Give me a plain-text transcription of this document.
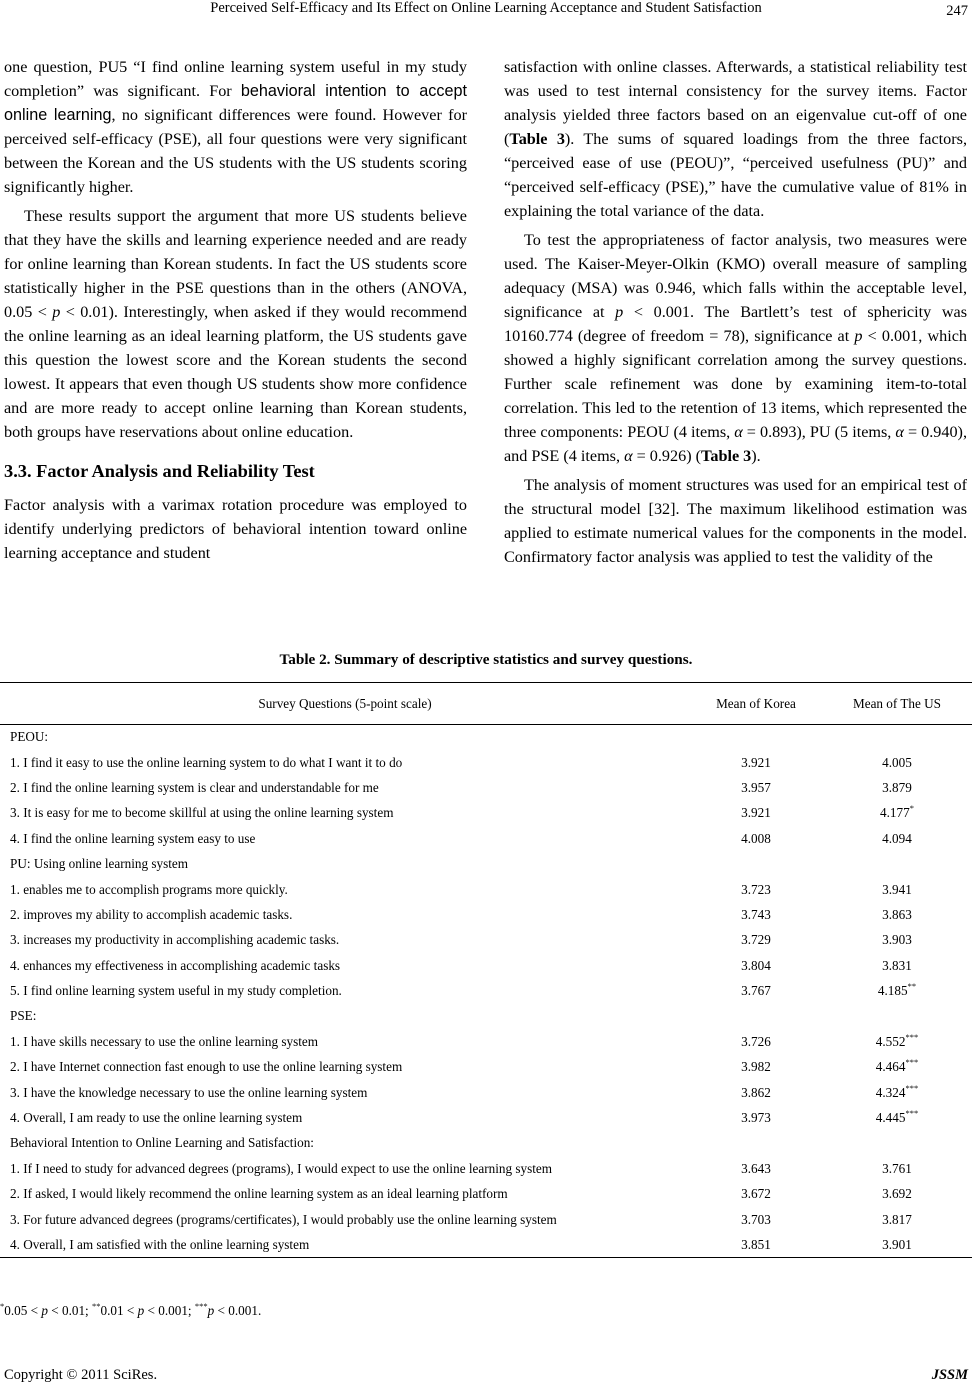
Perceived Self-Efficacy and Its Effect on Online Learning Acceptance and Student Satisfaction	247

one question, PU5 “I find online learning system useful in my study completion” was significant. For behavioral intention to accept online learning, no significant differences were found. However for perceived self-efficacy (PSE), all four questions were very significant between the Korean and the US students with the US students scoring significantly higher.

These results support the argument that more US students believe that they have the skills and learning experience needed and are ready for online learning than Korean students. In fact the US students score statistically higher in the PSE questions than in the others (ANOVA, 0.05 < p < 0.01). Interestingly, when asked if they would recommend the online learning as an ideal learning platform, the US students gave this question the lowest score and the Korean students the second lowest. It appears that even though US students show more confidence and are more ready to accept online learning than Korean students, both groups have reservations about online education.

3.3. Factor Analysis and Reliability Test

Factor analysis with a varimax rotation procedure was employed to identify underlying predictors of behavioral intention toward online learning acceptance and student

satisfaction with online classes. Afterwards, a statistical reliability test was used to test internal consistency for the survey items. Factor analysis yielded three factors based on an eigenvalue cut-off of one (Table 3). The sums of squared loadings from the three factors, “perceived ease of use (PEOU)”, “perceived usefulness (PU)” and “perceived self-efficacy (PSE),” have the cumulative value of 81% in explaining the total variance of the data.

To test the appropriateness of factor analysis, two measures were used. The Kaiser-Meyer-Olkin (KMO) overall measure of sampling adequacy (MSA) was 0.946, which falls within the acceptable level, significance at p < 0.001. The Bartlett’s test of sphericity was 10160.774 (degree of freedom = 78), significance at p < 0.001, which showed a highly significant correlation among the survey questions. Further scale refinement was done by examining item-to-total correlation. This led to the retention of 13 items, which represented the three components: PEOU (4 items, α = 0.893), PU (5 items, α = 0.940), and PSE (4 items, α = 0.926) (Table 3).

The analysis of moment structures was used for an empirical test of the structural model [32]. The maximum likelihood estimation was applied to estimate numerical values for the components in the model. Confirmatory factor analysis was applied to test the validity of the

Table 2. Summary of descriptive statistics and survey questions.
Survey Questions (5-point scale)	Mean of Korea	Mean of The US
PEOU:		
1. I find it easy to use the online learning system to do what I want it to do	3.921	4.005
2. I find the online learning system is clear and understandable for me	3.957	3.879
3. It is easy for me to become skillful at using the online learning system	3.921	4.177*
4. I find the online learning system easy to use	4.008	4.094
PU: Using online learning system		
1. enables me to accomplish programs more quickly.	3.723	3.941
2. improves my ability to accomplish academic tasks.	3.743	3.863
3. increases my productivity in accomplishing academic tasks.	3.729	3.903
4. enhances my effectiveness in accomplishing academic tasks	3.804	3.831
5. I find online learning system useful in my study completion.	3.767	4.185**
PSE:		
1. I have skills necessary to use the online learning system	3.726	4.552***
2. I have Internet connection fast enough to use the online learning system	3.982	4.464***
3. I have the knowledge necessary to use the online learning system	3.862	4.324***
4. Overall, I am ready to use the online learning system	3.973	4.445***
Behavioral Intention to Online Learning and Satisfaction:		
1. If I need to study for advanced degrees (programs), I would expect to use the online learning system	3.643	3.761
2. If asked, I would likely recommend the online learning system as an ideal learning platform	3.672	3.692
3. For future advanced degrees (programs/certificates), I would probably use the online learning system	3.703	3.817
4. Overall, I am satisfied with the online learning system	3.851	3.901
*0.05 < p < 0.01; **0.01 < p < 0.001; ***p < 0.001.
Copyright © 2011 SciRes.	JSSM
